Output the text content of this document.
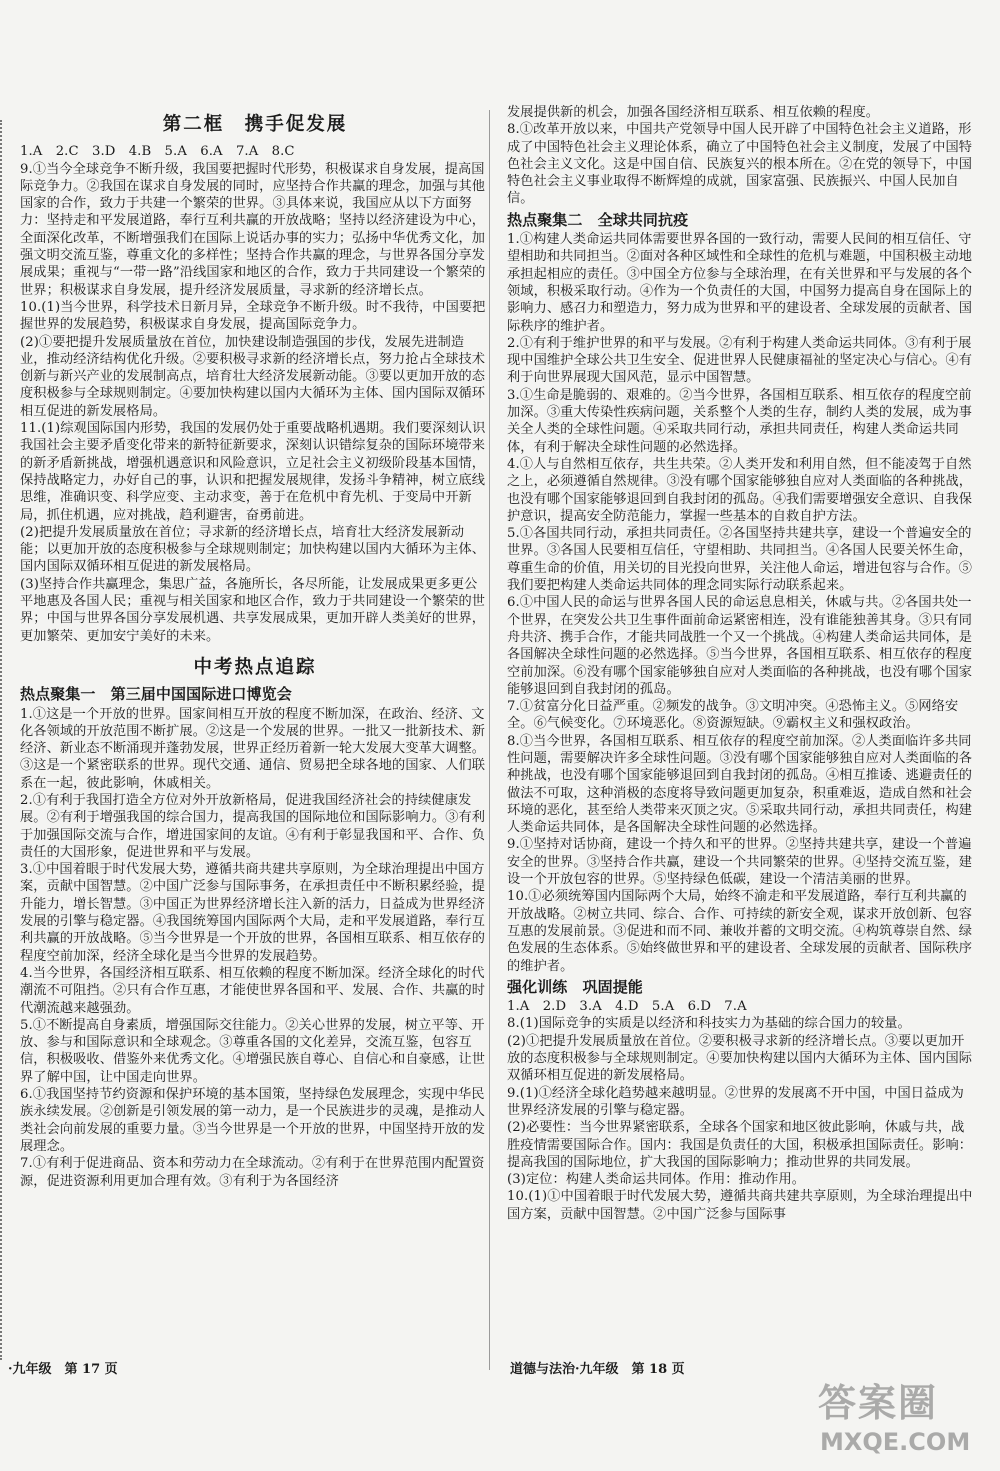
第二框　携手促发展

1.A　2.C　3.D　4.B　5.A　6.A　7.A　8.C

9.①当今全球竞争不断升级，我国要把握时代形势，积极谋求自身发展，提高国际竞争力。②我国在谋求自身发展的同时，应坚持合作共赢的理念，加强与其他国家的合作，致力于共建一个繁荣的世界。③具体来说，我国应从以下方面努力：坚持走和平发展道路，奉行互利共赢的开放战略；坚持以经济建设为中心，全面深化改革，不断增强我们在国际上说话办事的实力；弘扬中华优秀文化，加强文明交流互鉴，尊重文化的多样性；坚持合作共赢的理念，与世界各国分享发展成果；重视与“一带一路”沿线国家和地区的合作，致力于共同建设一个繁荣的世界；积极谋求自身发展，提升经济发展质量，寻求新的经济增长点。

10.(1)当今世界，科学技术日新月异，全球竞争不断升级。时不我待，中国要把握世界的发展趋势，积极谋求自身发展，提高国际竞争力。

(2)①要把提升发展质量放在首位，加快建设制造强国的步伐，发展先进制造业，推动经济结构优化升级。②要积极寻求新的经济增长点，努力抢占全球技术创新与新兴产业的发展制高点，培育壮大经济发展新动能。③要以更加开放的态度积极参与全球规则制定。④要加快构建以国内大循环为主体、国内国际双循环相互促进的新发展格局。

11.(1)综观国际国内形势，我国的发展仍处于重要战略机遇期。我们要深刻认识我国社会主要矛盾变化带来的新特征新要求，深刻认识错综复杂的国际环境带来的新矛盾新挑战，增强机遇意识和风险意识，立足社会主义初级阶段基本国情，保持战略定力，办好自己的事，认识和把握发展规律，发扬斗争精神，树立底线思维，准确识变、科学应变、主动求变，善于在危机中育先机、于变局中开新局，抓住机遇，应对挑战，趋利避害，奋勇前进。

(2)把提升发展质量放在首位；寻求新的经济增长点，培育壮大经济发展新动能；以更加开放的态度积极参与全球规则制定；加快构建以国内大循环为主体、国内国际双循环相互促进的新发展格局。

(3)坚持合作共赢理念，集思广益，各施所长，各尽所能，让发展成果更多更公平地惠及各国人民；重视与相关国家和地区合作，致力于共同建设一个繁荣的世界；中国与世界各国分享发展机遇、共享发展成果，更加开辟人类美好的世界，更加繁荣、更加安宁美好的未来。

中考热点追踪
热点聚集一　第三届中国国际进口博览会

1.①这是一个开放的世界。国家间相互开放的程度不断加深，在政治、经济、文化各领域的开放范围不断扩展。②这是一个发展的世界。一批又一批新技术、新经济、新业态不断涌现并蓬勃发展，世界正经历着新一轮大发展大变革大调整。③这是一个紧密联系的世界。现代交通、通信、贸易把全球各地的国家、人们联系在一起，彼此影响，休戚相关。

2.①有利于我国打造全方位对外开放新格局，促进我国经济社会的持续健康发展。②有利于增强我国的综合国力，提高我国的国际地位和国际影响力。③有利于加强国际交流与合作，增进国家间的友谊。④有利于彰显我国和平、合作、负责任的大国形象，促进世界和平与发展。

3.①中国着眼于时代发展大势，遵循共商共建共享原则，为全球治理提出中国方案，贡献中国智慧。②中国广泛参与国际事务，在承担责任中不断积累经验，提升能力，增长智慧。③中国正为世界经济增长注入新的活力，日益成为世界经济发展的引擎与稳定器。④我国统筹国内国际两个大局，走和平发展道路，奉行互利共赢的开放战略。⑤当今世界是一个开放的世界，各国相互联系、相互依存的程度空前加深，经济全球化是当今世界的发展趋势。

4.当今世界，各国经济相互联系、相互依赖的程度不断加深。经济全球化的时代潮流不可阻挡。②只有合作互惠，才能使世界各国和平、发展、合作、共赢的时代潮流越来越强劲。

5.①不断提高自身素质，增强国际交往能力。②关心世界的发展，树立平等、开放、参与和国际意识和全球观念。③尊重各国的文化差异，交流互鉴，包容互信，积极吸收、借鉴外来优秀文化。④增强民族自尊心、自信心和自豪感，让世界了解中国，让中国走向世界。

6.①我国坚持节约资源和保护环境的基本国策，坚持绿色发展理念，实现中华民族永续发展。②创新是引领发展的第一动力，是一个民族进步的灵魂，是推动人类社会向前发展的重要力量。③当今世界是一个开放的世界，中国坚持开放的发展理念。

7.①有利于促进商品、资本和劳动力在全球流动。②有利于在世界范围内配置资源，促进资源利用更加合理有效。③有利于为各国经济

发展提供新的机会，加强各国经济相互联系、相互依赖的程度。

8.①改革开放以来，中国共产党领导中国人民开辟了中国特色社会主义道路，形成了中国特色社会主义理论体系，确立了中国特色社会主义制度，发展了中国特色社会主义文化。这是中国自信、民族复兴的根本所在。②在党的领导下，中国特色社会主义事业取得不断辉煌的成就，国家富强、民族振兴、中国人民加自信。

热点聚集二　全球共同抗疫

1.①构建人类命运共同体需要世界各国的一致行动，需要人民间的相互信任、守望相助和共同担当。②面对各种区域性和全球性的危机与难题，中国积极主动地承担起相应的责任。③中国全方位参与全球治理，在有关世界和平与发展的各个领域，积极采取行动。④作为一个负责任的大国，中国努力提高自身在国际上的影响力、感召力和塑造力，努力成为世界和平的建设者、全球发展的贡献者、国际秩序的维护者。

2.①有利于维护世界的和平与发展。②有利于构建人类命运共同体。③有利于展现中国维护全球公共卫生安全、促进世界人民健康福祉的坚定决心与信心。④有利于向世界展现大国风范，显示中国智慧。

3.①生命是脆弱的、艰难的。②当今世界，各国相互联系、相互依存的程度空前加深。③重大传染性疾病问题，关系整个人类的生存，制约人类的发展，成为事关全人类的全球性问题。④采取共同行动，承担共同责任，构建人类命运共同体，有利于解决全球性问题的必然选择。

4.①人与自然相互依存，共生共荣。②人类开发和利用自然，但不能凌驾于自然之上，必须遵循自然规律。③没有哪个国家能够独自应对人类面临的各种挑战，也没有哪个国家能够退回到自我封闭的孤岛。④我们需要增强安全意识、自我保护意识，提高安全防范能力，掌握一些基本的自救自护方法。

5.①各国共同行动，承担共同责任。②各国坚持共建共享，建设一个普遍安全的世界。③各国人民要相互信任，守望相助、共同担当。④各国人民要关怀生命，尊重生命的价值，用关切的目光投向世界，关注他人命运，增进包容与合作。⑤我们要把构建人类命运共同体的理念同实际行动联系起来。

6.①中国人民的命运与世界各国人民的命运息息相关，休戚与共。②各国共处一个世界，在突发公共卫生事件面前命运紧密相连，没有谁能独善其身。③只有同舟共济、携手合作，才能共同战胜一个又一个挑战。④构建人类命运共同体，是各国解决全球性问题的必然选择。⑤当今世界，各国相互联系、相互依存的程度空前加深。⑥没有哪个国家能够独自应对人类面临的各种挑战，也没有哪个国家能够退回到自我封闭的孤岛。

7.①贫富分化日益严重。②频发的战争。③文明冲突。④恐怖主义。⑤网络安全。⑥气候变化。⑦环境恶化。⑧资源短缺。⑨霸权主义和强权政治。

8.①当今世界，各国相互联系、相互依存的程度空前加深。②人类面临许多共同性问题，需要解决许多全球性问题。③没有哪个国家能够独自应对人类面临的各种挑战，也没有哪个国家能够退回到自我封闭的孤岛。④相互推诿、逃避责任的做法不可取，这种消极的态度将导致问题更加复杂，积重难返，造成自然和社会环境的恶化，甚至给人类带来灭顶之灾。⑤采取共同行动，承担共同责任，构建人类命运共同体，是各国解决全球性问题的必然选择。

9.①坚持对话协商，建设一个持久和平的世界。②坚持共建共享，建设一个普遍安全的世界。③坚持合作共赢，建设一个共同繁荣的世界。④坚持交流互鉴，建设一个开放包容的世界。⑤坚持绿色低碳，建设一个清洁美丽的世界。

10.①必须统筹国内国际两个大局，始终不渝走和平发展道路，奉行互利共赢的开放战略。②树立共同、综合、合作、可持续的新安全观，谋求开放创新、包容互惠的发展前景。③促进和而不同、兼收并蓄的文明交流。④构筑尊崇自然、绿色发展的生态体系。⑤始终做世界和平的建设者、全球发展的贡献者、国际秩序的维护者。

强化训练　巩固提能

1.A　2.D　3.A　4.D　5.A　6.D　7.A

8.(1)国际竞争的实质是以经济和科技实力为基础的综合国力的较量。

(2)①把提升发展质量放在首位。②要积极寻求新的经济增长点。③要以更加开放的态度积极参与全球规则制定。④要加快构建以国内大循环为主体、国内国际双循环相互促进的新发展格局。

9.(1)①经济全球化趋势越来越明显。②世界的发展离不开中国，中国日益成为世界经济发展的引擎与稳定器。

(2)必要性：当今世界紧密联系，全球各个国家和地区彼此影响，休戚与共，战胜疫情需要国际合作。国内：我国是负责任的大国，积极承担国际责任。影响：提高我国的国际地位，扩大我国的国际影响力；推动世界的共同发展。

(3)定位：构建人类命运共同体。作用：推动作用。

10.(1)①中国着眼于时代发展大势，遵循共商共建共享原则，为全球治理提出中国方案，贡献中国智慧。②中国广泛参与国际事

·九年级　第 17 页	道德与法治·九年级　第 18 页
答案圈
MXQE.COM
